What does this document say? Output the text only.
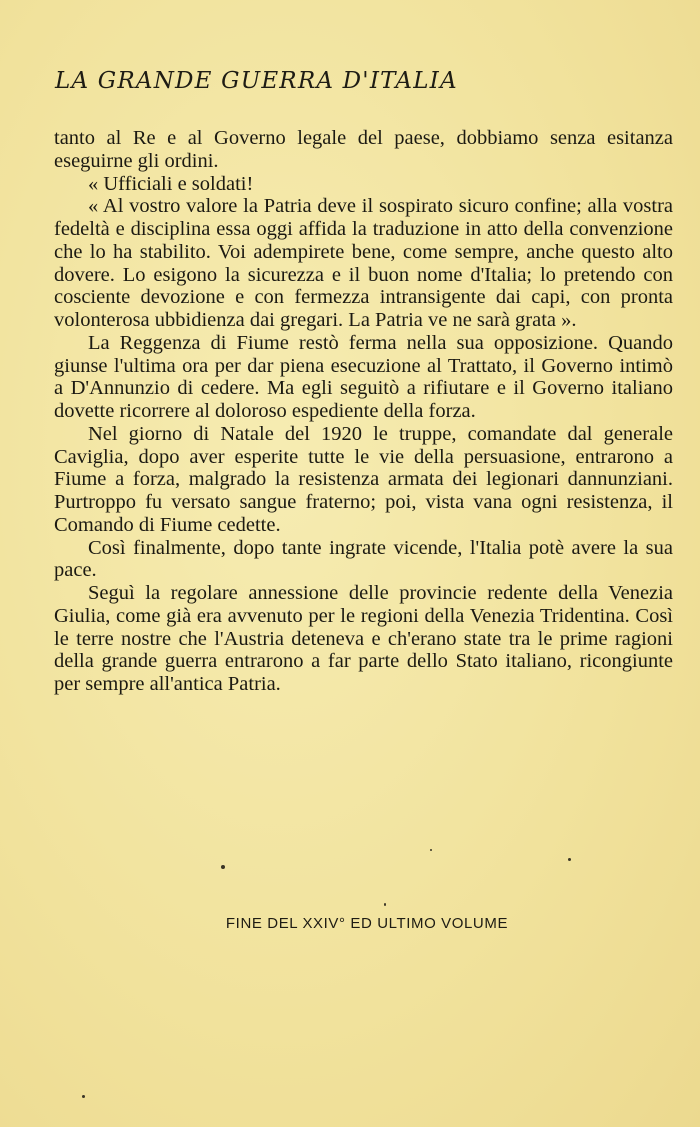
LA GRANDE GUERRA D'ITALIA

tanto al Re e al Governo legale del paese, dobbiamo senza esitanza eseguirne gli ordini.

« Ufficiali e soldati!

« Al vostro valore la Patria deve il sospirato sicuro confine; alla vostra fedeltà e disciplina essa oggi affida la traduzione in atto della convenzione che lo ha stabilito. Voi adempirete bene, come sempre, anche questo alto dovere. Lo esigono la sicurezza e il buon nome d'Italia; lo pretendo con cosciente devozione e con fermezza intransigente dai capi, con pronta volonterosa ubbidienza dai gregari. La Patria ve ne sarà grata ».

La Reggenza di Fiume restò ferma nella sua opposizione. Quando giunse l'ultima ora per dar piena esecuzione al Trattato, il Governo intimò a D'Annunzio di cedere. Ma egli seguitò a rifiutare e il Governo italiano dovette ricorrere al doloroso espediente della forza.

Nel giorno di Natale del 1920 le truppe, comandate dal generale Caviglia, dopo aver esperite tutte le vie della persuasione, entrarono a Fiume a forza, malgrado la resistenza armata dei legionari dannunziani. Purtroppo fu versato sangue fraterno; poi, vista vana ogni resistenza, il Comando di Fiume cedette.

Così finalmente, dopo tante ingrate vicende, l'Italia potè avere la sua pace.

Seguì la regolare annessione delle provincie redente della Venezia Giulia, come già era avvenuto per le regioni della Venezia Tridentina. Così le terre nostre che l'Austria deteneva e ch'erano state tra le prime ragioni della grande guerra entrarono a far parte dello Stato italiano, ricongiunte per sempre all'antica Patria.

FINE DEL XXIV° ED ULTIMO VOLUME
